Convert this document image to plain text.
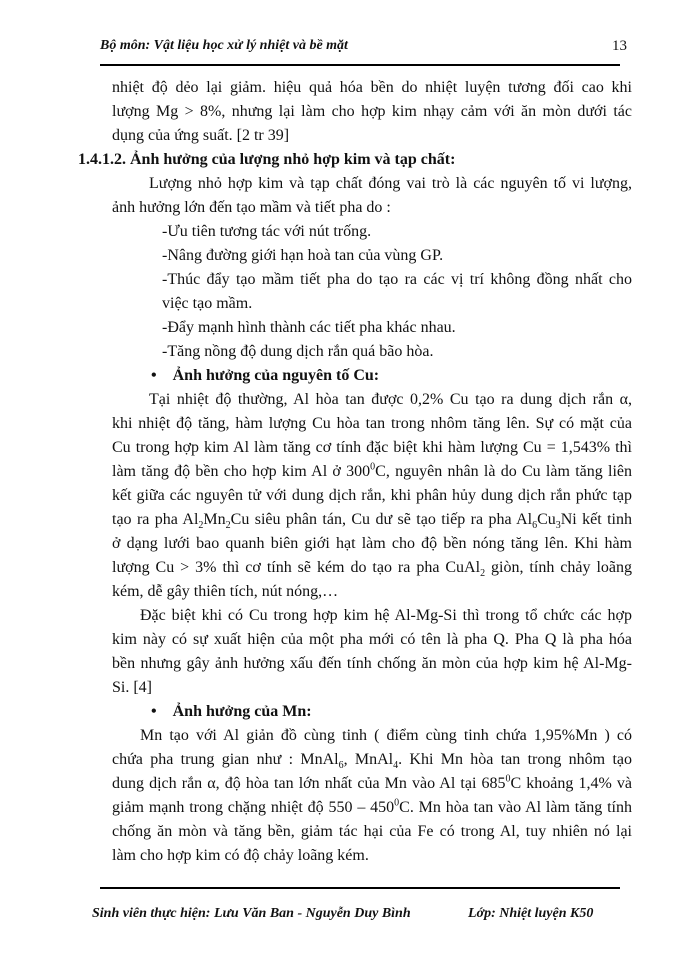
Bộ môn: Vật liệu học xử lý nhiệt và bề mặt	13
nhiệt độ dẻo lại giảm. hiệu quả hóa bền do nhiệt luyện tương đối cao khi
lượng Mg > 8%, nhưng lại làm cho hợp kim nhạy cảm với ăn mòn dưới tác
dụng của ứng suất. [2 tr 39]
1.4.1.2. Ảnh hưởng của lượng nhỏ hợp kim và tạp chất:
Lượng nhỏ hợp kim và tạp chất đóng vai trò là các nguyên tố vi lượng,
ảnh hưởng lớn đến tạo mầm và tiết pha do :
-Ưu tiên tương tác với nút trống.
-Nâng đường giới hạn hoà tan của vùng GP.
-Thúc đẩy tạo mầm tiết pha do tạo ra các vị trí không đồng nhất cho
việc tạo mầm.
-Đẩy mạnh hình thành các tiết pha khác nhau.
-Tăng nồng độ dung dịch rắn quá bão hòa.
• Ảnh hưởng của nguyên tố Cu:
Tại nhiệt độ thường, Al hòa tan được 0,2% Cu tạo ra dung dịch rắn α,
khi nhiệt độ tăng, hàm lượng Cu hòa tan trong nhôm tăng lên. Sự có mặt của
Cu trong hợp kim Al làm tăng cơ tính đặc biệt khi hàm lượng Cu = 1,543% thì
làm tăng độ bền cho hợp kim Al ở $300^0C$, nguyên nhân là do Cu làm tăng liên
kết giữa các nguyên tử với dung dịch rắn, khi phân hủy dung dịch rắn phức tạp
tạo ra pha $Al_2Mn_2Cu$ siêu phân tán, Cu dư sẽ tạo tiếp ra pha $Al_6Cu_3Ni$ kết tinh
ở dạng lưới bao quanh biên giới hạt làm cho độ bền nóng tăng lên. Khi hàm
lượng Cu > 3% thì cơ tính sẽ kém do tạo ra pha CuAl$_2$ giòn, tính chảy loãng
kém, dễ gây thiên tích, nút nóng,…
Đặc biệt khi có Cu trong hợp kim hệ Al-Mg-Si thì trong tổ chức các hợp
kim này có sự xuất hiện của một pha mới có tên là pha Q. Pha Q là pha hóa
bền nhưng gây ảnh hưởng xấu đến tính chống ăn mòn của hợp kim hệ Al-Mg-
Si. [4]
• Ảnh hưởng của Mn:
Mn tạo với Al giản đồ cùng tinh ( điểm cùng tinh chứa 1,95%Mn ) có
chứa pha trung gian như : MnAl$_6$, MnAl$_4$. Khi Mn hòa tan trong nhôm tạo
dung dịch rắn α, độ hòa tan lớn nhất của Mn vào Al tại $685^0C$ khoảng 1,4% và
giảm mạnh trong chặng nhiệt độ $550 - 450^0C$. Mn hòa tan vào Al làm tăng tính
chống ăn mòn và tăng bền, giảm tác hại của Fe có trong Al, tuy nhiên nó lại
làm cho hợp kim có độ chảy loãng kém.
Sinh viên thực hiện: Lưu Văn Ban - Nguyễn Duy Bình	Lớp: Nhiệt luyện K50
